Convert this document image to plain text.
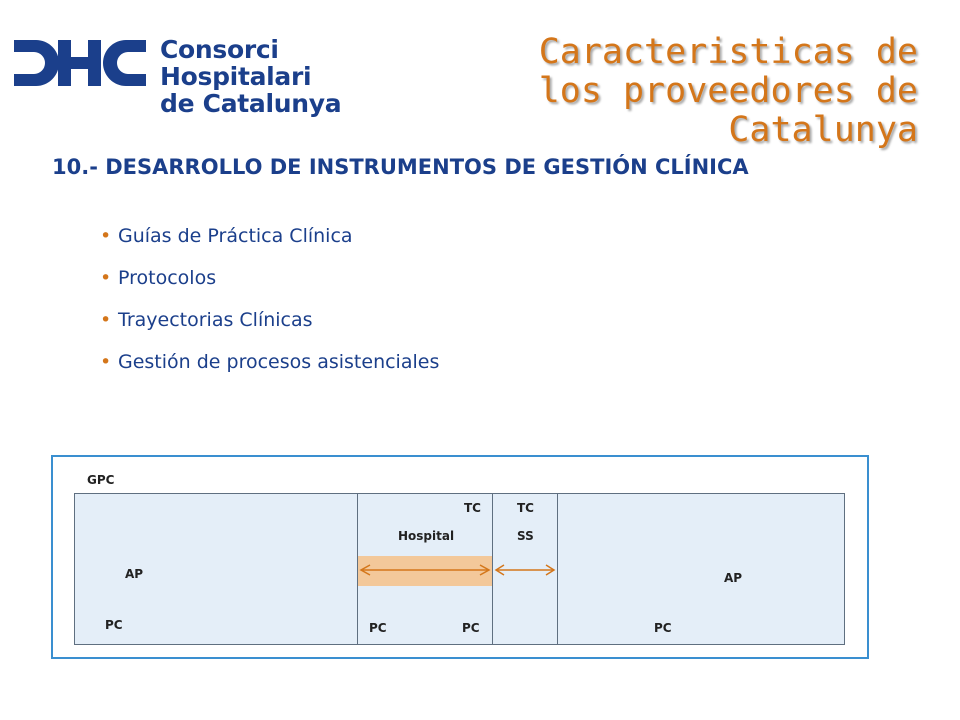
Consorci Hospitalari
de Catalunya
Caracteristicas de los proveedores de Catalunya
10.- DESARROLLO DE INSTRUMENTOS DE GESTIÓN CLÍNICA
• Guías de Práctica Clínica
• Protocolos
• Trayectorias Clínicas
• Gestión de procesos asistenciales
GPC
AP
PC
TC
Hospital
PC	PC
TC
SS
AP
PC
